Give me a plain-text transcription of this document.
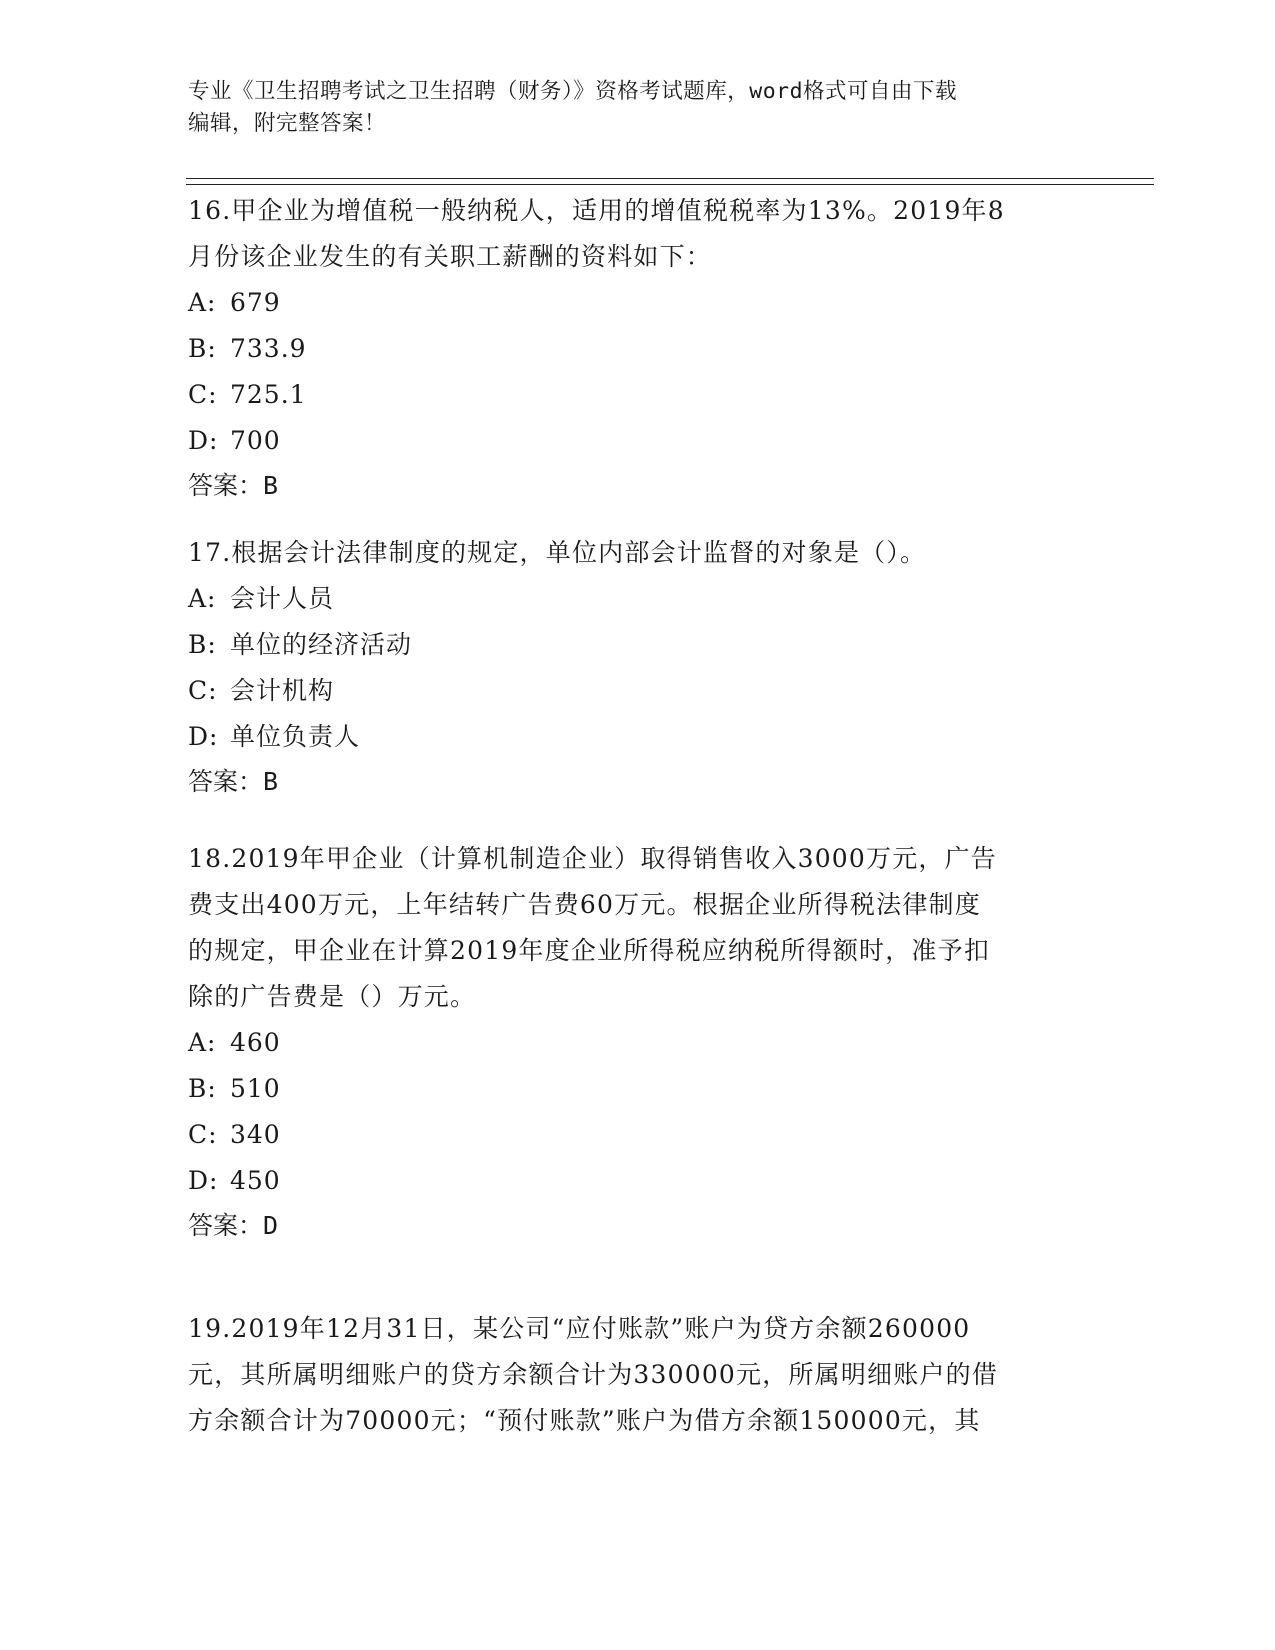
专业《卫生招聘考试之卫生招聘（财务）》资格考试题库，word格式可自由下载
编辑，附完整答案！

16.甲企业为增值税一般纳税人，适用的增值税税率为13%。2019年8

月份该企业发生的有关职工薪酬的资料如下：

A: 679

B: 733.9

C: 725.1

D: 700

答案：B

17.根据会计法律制度的规定，单位内部会计监督的对象是（）。

A: 会计人员

B: 单位的经济活动

C: 会计机构

D: 单位负责人

答案：B

18.2019年甲企业（计算机制造企业）取得销售收入3000万元，广告

费支出400万元，上年结转广告费60万元。根据企业所得税法律制度

的规定，甲企业在计算2019年度企业所得税应纳税所得额时，准予扣

除的广告费是（）万元。

A: 460

B: 510

C: 340

D: 450

答案：D

19.2019年12月31日，某公司“应付账款”账户为贷方余额260000

元，其所属明细账户的贷方余额合计为330000元，所属明细账户的借

方余额合计为70000元；“预付账款”账户为借方余额150000元，其
